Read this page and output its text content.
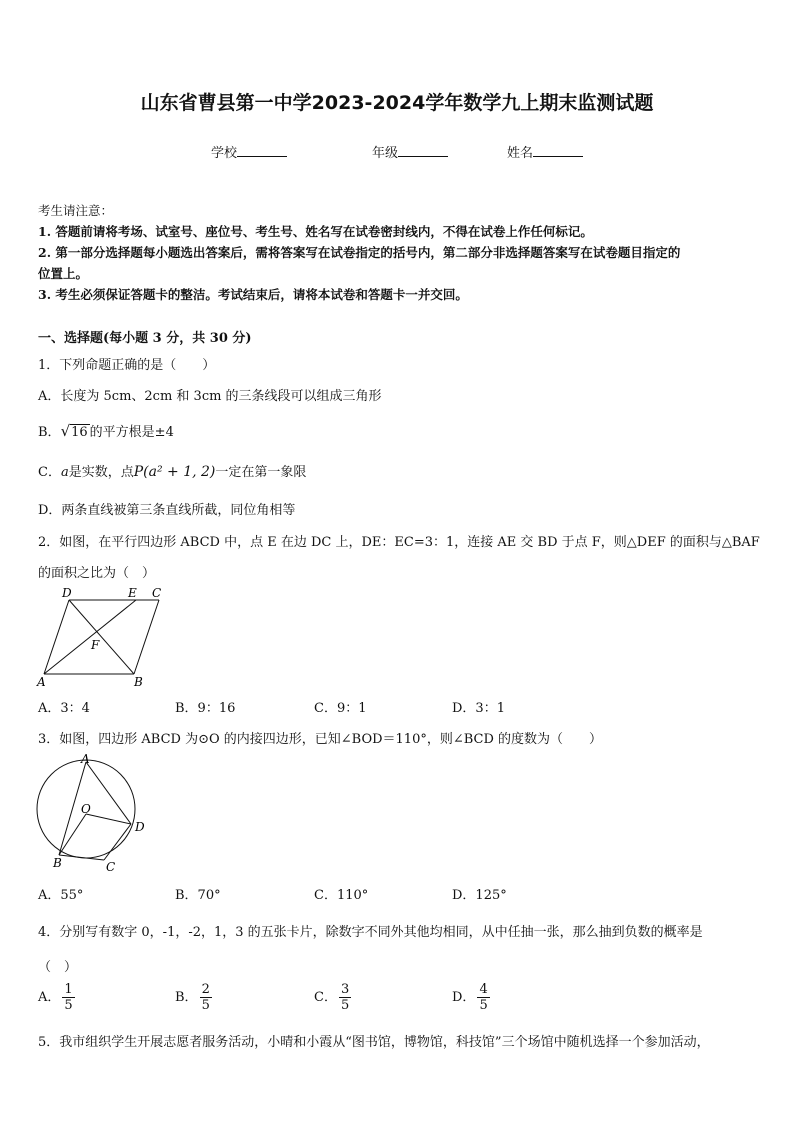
山东省曹县第一中学2023-2024学年数学九上期末监测试题
学校	年级	姓名
考生请注意：
1. 答题前请将考场、试室号、座位号、考生号、姓名写在试卷密封线内，不得在试卷上作任何标记。
2. 第一部分选择题每小题选出答案后，需将答案写在试卷指定的括号内，第二部分非选择题答案写在试卷题目指定的
位置上。
3. 考生必须保证答题卡的整洁。考试结束后，请将本试卷和答题卡一并交回。
一、选择题(每小题 3 分，共 30 分)
1．下列命题正确的是（　　）
A．长度为 5cm、2cm 和 3cm 的三条线段可以组成三角形
B．√16 的平方根是±4
C．a是实数，点P(a² + 1, 2)一定在第一象限
D．两条直线被第三条直线所截，同位角相等
2．如图，在平行四边形 ABCD 中，点 E 在边 DC 上，DE：EC=3：1，连接 AE 交 BD 于点 F，则△DEF 的面积与△BAF
的面积之比为（　）
D	E C
F
A	B
A．3：4	B．9：16	C．9：1	D．3：1
3．如图，四边形 ABCD 为⊙O 的内接四边形，已知∠BOD＝110°，则∠BCD 的度数为（　　）
A
O
D
B	C
A．55°	B．70°	C．110°	D．125°
4．分别写有数字 0，-1，-2，1，3 的五张卡片，除数字不同外其他均相同，从中任抽一张，那么抽到负数的概率是
（　）
A． $\frac{1}{5}$	B． $\frac{2}{5}$	C． $\frac{3}{5}$	D． $\frac{4}{5}$
5．我市组织学生开展志愿者服务活动，小晴和小霞从“图书馆，博物馆，科技馆”三个场馆中随机选择一个参加活动，
